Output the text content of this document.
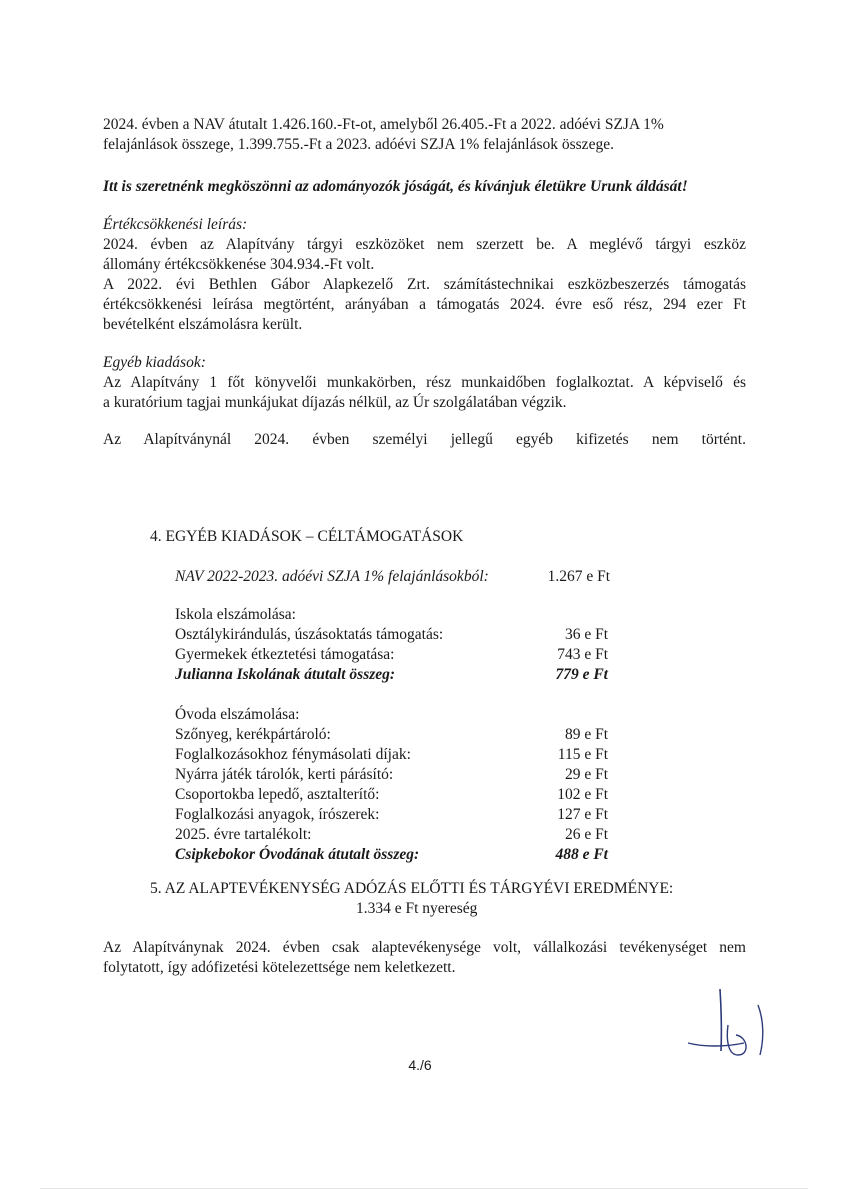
2024. évben a NAV átutalt 1.426.160.-Ft-ot, amelyből 26.405.-Ft a 2022. adóévi SZJA 1%
felajánlások összege, 1.399.755.-Ft a 2023. adóévi SZJA 1% felajánlások összege.
Itt is szeretnénk megköszönni az adományozók jóságát, és kívánjuk életükre Urunk áldását!
Értékcsökkenési leírás:
2024. évben az Alapítvány tárgyi eszközöket nem szerzett be. A meglévő tárgyi eszköz
állomány értékcsökkenése 304.934.-Ft volt.
A 2022. évi Bethlen Gábor Alapkezelő Zrt. számítástechnikai eszközbeszerzés támogatás
értékcsökkenési leírása megtörtént, arányában a támogatás 2024. évre eső rész, 294 ezer Ft
bevételként elszámolásra került.
Egyéb kiadások:
Az Alapítvány 1 főt könyvelői munkakörben, rész munkaidőben foglalkoztat. A képviselő és
a kuratórium tagjai munkájukat díjazás nélkül, az Úr szolgálatában végzik.
Az Alapítványnál 2024. évben személyi jellegű egyéb kifizetés nem történt.
4. EGYÉB KIADÁSOK – CÉLTÁMOGATÁSOK
NAV 2022-2023. adóévi SZJA 1% felajánlásokból:	1.267 e Ft
Iskola elszámolása:
Osztálykirándulás, úszásoktatás támogatás:	36 e Ft
Gyermekek étkeztetési támogatása:	743 e Ft
Julianna Iskolának átutalt összeg:	779 e Ft
Óvoda elszámolása:
Szőnyeg, kerékpártároló:	89 e Ft
Foglalkozásokhoz fénymásolati díjak:	115 e Ft
Nyárra játék tárolók, kerti párásító:	29 e Ft
Csoportokba lepedő, asztalterítő:	102 e Ft
Foglalkozási anyagok, írószerek:	127 e Ft
2025. évre tartalékolt:	26 e Ft
Csipkebokor Óvodának átutalt összeg:	488 e Ft
5. AZ ALAPTEVÉKENYSÉG ADÓZÁS ELŐTTI ÉS TÁRGYÉVI EREDMÉNYE:
1.334 e Ft nyereség
Az Alapítványnak 2024. évben csak alaptevékenysége volt, vállalkozási tevékenységet nem
folytatott, így adófizetési kötelezettsége nem keletkezett.
4./6
